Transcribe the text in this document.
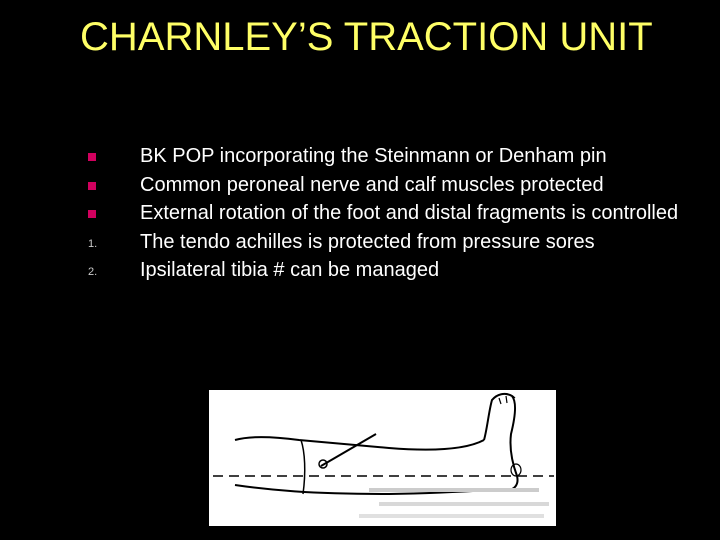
CHARNLEY’S TRACTION UNIT
BK POP incorporating the Steinmann or Denham pin
Common peroneal nerve and calf muscles protected
External rotation of the foot and distal fragments is controlled
1. The tendo achilles is protected from pressure sores
2. Ipsilateral tibia # can be managed
